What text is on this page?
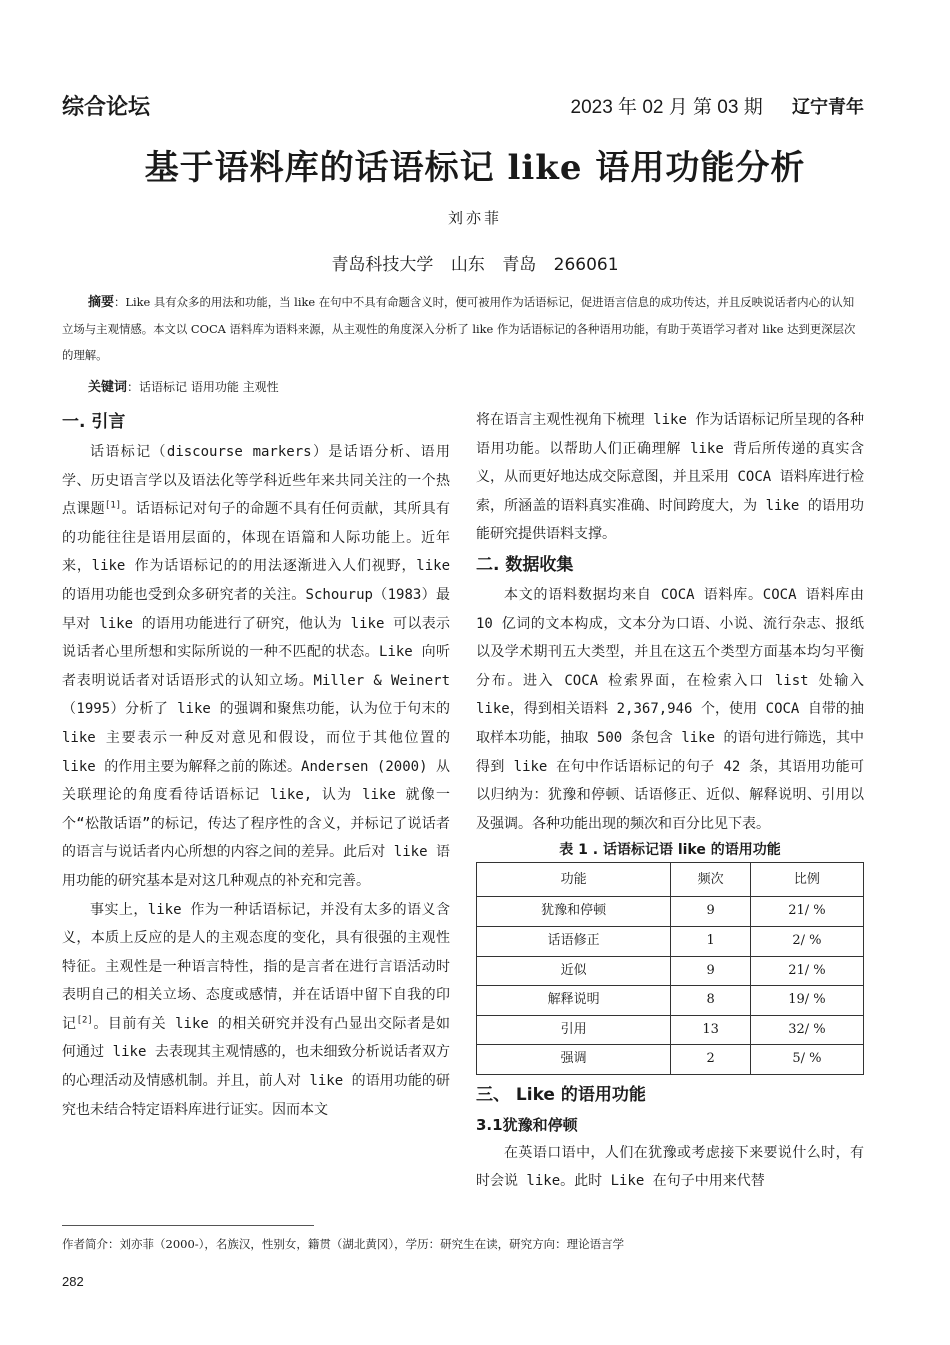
综合论坛	2023 年 02 月 第 03 期 辽宁青年
基于语料库的话语标记 like 语用功能分析
刘亦菲
青岛科技大学 山东 青岛 266061
摘要：Like 具有众多的用法和功能，当 like 在句中不具有命题含义时，便可被用作为话语标记，促进语言信息的成功传达，并且反映说话者内心的认知立场与主观情感。本文以 COCA 语料库为语料来源，从主观性的角度深入分析了 like 作为话语标记的各种语用功能，有助于英语学习者对 like 达到更深层次的理解。
关键词：话语标记 语用功能 主观性
一. 引言

话语标记（discourse markers）是话语分析、语用学、历史语言学以及语法化等学科近些年来共同关注的一个热点课题[1]。话语标记对句子的命题不具有任何贡献，其所具有的功能往往是语用层面的，体现在语篇和人际功能上。近年来，like 作为话语标记的的用法逐渐进入人们视野，like 的语用功能也受到众多研究者的关注。Schourup（1983）最早对 like 的语用功能进行了研究，他认为 like 可以表示说话者心里所想和实际所说的一种不匹配的状态。Like 向听者表明说话者对话语形式的认知立场。Miller & Weinert（1995）分析了 like 的强调和聚焦功能，认为位于句末的 like 主要表示一种反对意见和假设，而位于其他位置的 like 的作用主要为解释之前的陈述。Andersen (2000) 从关联理论的角度看待话语标记 like, 认为 like 就像一个“松散话语”的标记，传达了程序性的含义，并标记了说话者的语言与说话者内心所想的内容之间的差异。此后对 like 语用功能的研究基本是对这几种观点的补充和完善。

事实上，like 作为一种话语标记，并没有太多的语义含义，本质上反应的是人的主观态度的变化，具有很强的主观性特征。主观性是一种语言特性，指的是言者在进行言语活动时表明自己的相关立场、态度或感情，并在话语中留下自我的印记[2]。目前有关 like 的相关研究并没有凸显出交际者是如何通过 like 去表现其主观情感的，也未细致分析说话者双方的心理活动及情感机制。并且，前人对 like 的语用功能的研究也未结合特定语料库进行证实。因而本文

将在语言主观性视角下梳理 like 作为话语标记所呈现的各种语用功能。以帮助人们正确理解 like 背后所传递的真实含义，从而更好地达成交际意图，并且采用 COCA 语料库进行检索，所涵盖的语料真实准确、时间跨度大，为 like 的语用功能研究提供语料支撑。

二. 数据收集

本文的语料数据均来自 COCA 语料库。COCA 语料库由 10 亿词的文本构成，文本分为口语、小说、流行杂志、报纸以及学术期刊五大类型，并且在这五个类型方面基本均匀平衡分布。进入 COCA 检索界面，在检索入口 list 处输入 like，得到相关语料 2,367,946 个，使用 COCA 自带的抽取样本功能，抽取 500 条包含 like 的语句进行筛选，其中得到 like 在句中作话语标记的句子 42 条，其语用功能可以归纳为：犹豫和停顿、话语修正、近似、解释说明、引用以及强调。各种功能出现的频次和百分比见下表。

表 1 . 话语标记语 like 的语用功能
功能	频次	比例
犹豫和停顿	9	21/ %
话语修正	1	2/ %
近似	9	21/ %
解释说明	8	19/ %
引用	13	32/ %
强调	2	5/ %
三、 Like 的语用功能
3.1犹豫和停顿

在英语口语中，人们在犹豫或考虑接下来要说什么时，有时会说 like。此时 Like 在句子中用来代替

作者简介：刘亦菲（2000-），名族汉，性别女，籍贯（湖北黄冈），学历：研究生在读，研究方向：理论语言学
282
